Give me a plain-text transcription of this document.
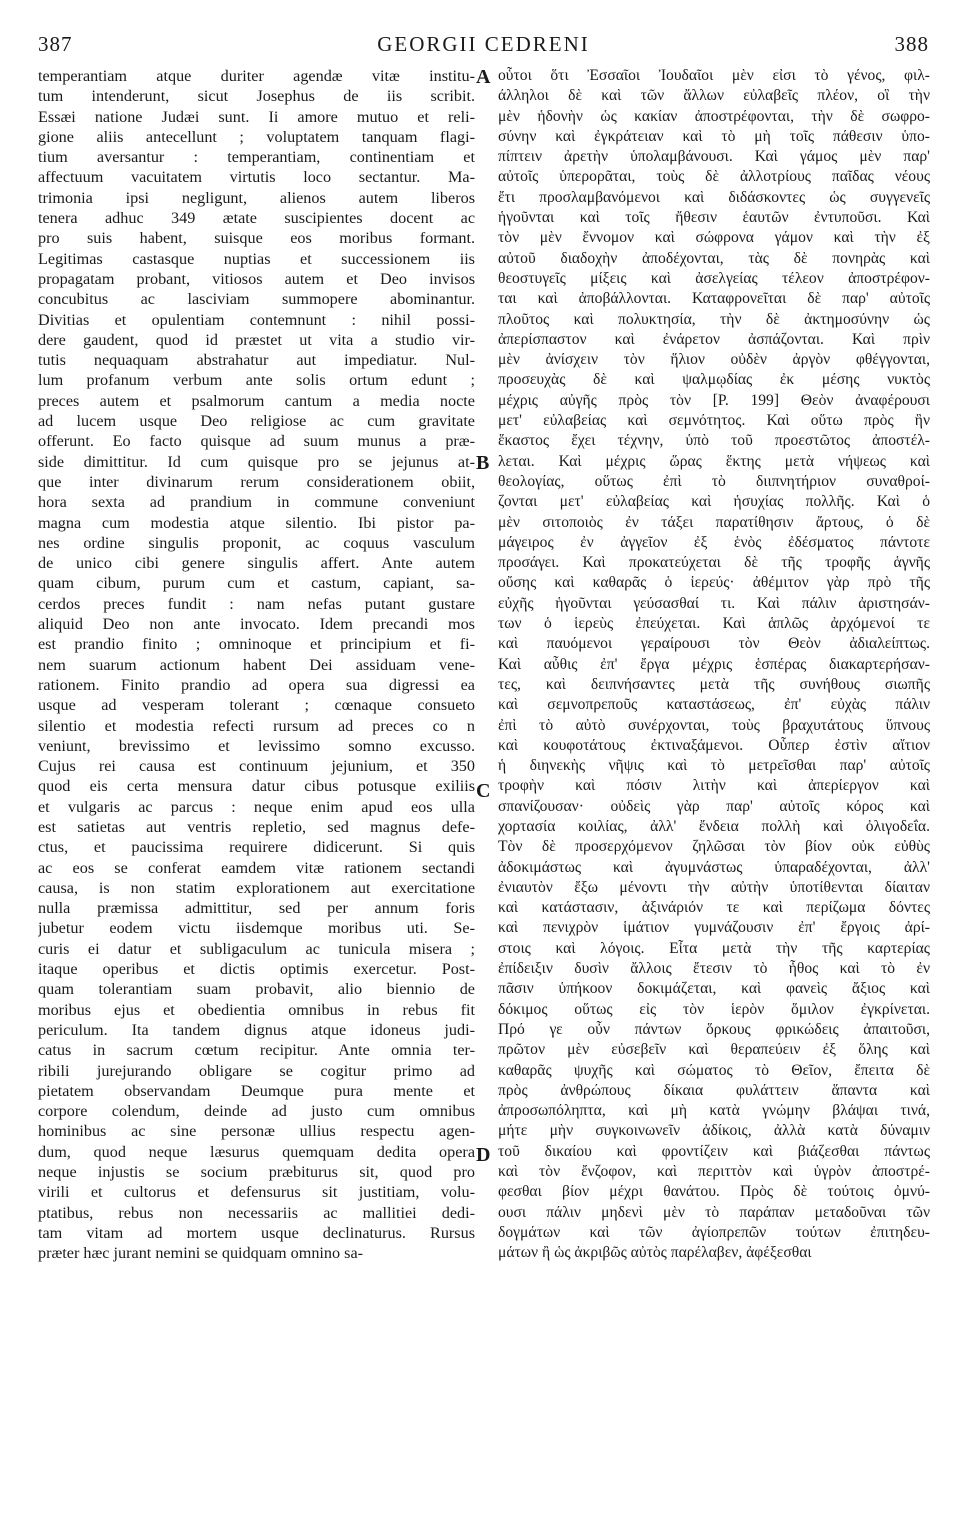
387	GEORGII CEDRENI	388
temperantiam atque duriter agendæ vitæ institu-
tum intenderunt, sicut Josephus de iis scribit.
Essæi natione Judæi sunt. Ii amore mutuo et reli-
gione aliis antecellunt ; voluptatem tanquam flagi-
tium aversantur : temperantiam, continentiam et
affectuum vacuitatem virtutis loco sectantur. Ma-
trimonia ipsi negligunt, alienos autem liberos
tenera adhuc 349 ætate suscipientes docent ac
pro suis habent, suisque eos moribus formant.
Legitimas castasque nuptias et successionem iis
propagatam probant, vitiosos autem et Deo invisos
concubitus ac lasciviam summopere abominantur.
Divitias et opulentiam contemnunt : nihil possi-
dere gaudent, quod id præstet ut vita a studio vir-
tutis nequaquam abstrahatur aut impediatur. Nul-
lum profanum verbum ante solis ortum edunt ;
preces autem et psalmorum cantum a media nocte
ad lucem usque Deo religiose ac cum gravitate
offerunt. Eo facto quisque ad suum munus a præ-
side dimittitur. Id cum quisque pro se jejunus at-
que inter divinarum rerum considerationem obiit,
hora sexta ad prandium in commune conveniunt
magna cum modestia atque silentio. Ibi pistor pa-
nes ordine singulis proponit, ac coquus vasculum
de unico cibi genere singulis affert. Ante autem
quam cibum, purum cum et castum, capiant, sa-
cerdos preces fundit : nam nefas putant gustare
aliquid Deo non ante invocato. Idem precandi mos
est prandio finito ; omninoque et principium et fi-
nem suarum actionum habent Dei assiduam vene-
rationem. Finito prandio ad opera sua digressi ea
usque ad vesperam tolerant ; cœnaque consueto
silentio et modestia refecti rursum ad preces co n
veniunt, brevissimo et levissimo somno excusso.
Cujus rei causa est continuum jejunium, et 350
quod eis certa mensura datur cibus potusque exiliis
et vulgaris ac parcus : neque enim apud eos ulla
est satietas aut ventris repletio, sed magnus defe-
ctus, et paucissima requirere didicerunt. Si quis
ac eos se conferat eamdem vitæ rationem sectandi
causa, is non statim explorationem aut exercitatione
nulla præmissa admittitur, sed per annum foris
jubetur eodem victu iisdemque moribus uti. Se-
curis ei datur et subligaculum ac tunicula misera ;
itaque operibus et dictis optimis exercetur. Post-
quam tolerantiam suam probavit, alio biennio de
moribus ejus et obedientia omnibus in rebus fit
periculum. Ita tandem dignus atque idoneus judi-
catus in sacrum cœtum recipitur. Ante omnia ter-
ribili jurejurando obligare se cogitur primo ad
pietatem observandam Deumque pura mente et
corpore colendum, deinde ad justo cum omnibus
hominibus ac sine personæ ullius respectu agen-
dum, quod neque læsurus quemquam dedita opera
neque injustis se socium præbiturus sit, quod pro
virili et cultorus et defensurus sit justitiam, volu-
ptatibus, rebus non necessariis ac mallitiei dedi-
tam vitam ad mortem usque declinaturus. Rursus
præter hæc jurant nemini se quidquam omnino sa-
A
B
C
D
οὗτοι ὅτι Ἐσσαῖοι Ἰουδαῖοι μὲν εἰσι τὸ γένος, φιλ-
άλληλοι δὲ καὶ τῶν ἄλλων εὐλαβεῖς πλέον, οἳ τὴν
μὲν ἡδονὴν ὡς κακίαν ἀποστρέφονται, τὴν δὲ σωφρο-
σύνην καὶ ἐγκράτειαν καὶ τὸ μὴ τοῖς πάθεσιν ὑπο-
πίπτειν ἀρετὴν ὑπολαμβάνουσι. Καὶ γάμος μὲν παρ'
αὐτοῖς ὑπερορᾶται, τοὺς δὲ ἀλλοτρίους παῖδας νέους
ἔτι προσλαμβανόμενοι καὶ διδάσκοντες ὡς συγγενεῖς
ἡγοῦνται καὶ τοῖς ἤθεσιν ἑαυτῶν ἐντυποῦσι. Καὶ
τὸν μὲν ἔννομον καὶ σώφρονα γάμον καὶ τὴν ἐξ
αὐτοῦ διαδοχὴν ἀποδέχονται, τὰς δὲ πονηρὰς καὶ
θεοστυγεῖς μίξεις καὶ ἀσελγείας τέλεον ἀποστρέφον-
ται καὶ ἀποβάλλονται. Καταφρονεῖται δὲ παρ' αὐτοῖς
πλοῦτος καὶ πολυκτησία, τὴν δὲ ἀκτημοσύνην ὡς
ἀπερίσπαστον καὶ ἐνάρετον ἀσπάζονται. Καὶ πρὶν
μὲν ἀνίσχειν τὸν ἥλιον οὐδὲν ἀργὸν φθέγγονται,
προσευχὰς δὲ καὶ ψαλμῳδίας ἐκ μέσης νυκτὸς
μέχρις αὐγῆς πρὸς τὸν [P. 199] Θεὸν ἀναφέρουσι
μετ' εὐλαβείας καὶ σεμνότητος. Καὶ οὕτω πρὸς ἣν
ἕκαστος ἔχει τέχνην, ὑπὸ τοῦ προεστῶτος ἀποστέλ-
λεται. Καὶ μέχρις ὥρας ἕκτης μετὰ νήψεως καὶ
θεολογίας, οὕτως ἐπὶ τὸ διιπνητήριον συναθροί-
ζονται μετ' εὐλαβείας καὶ ἡσυχίας πολλῆς. Καὶ ὁ
μὲν σιτοποιὸς ἐν τάξει παρατίθησιν ἄρτους, ὁ δὲ
μάγειρος ἐν ἀγγεῖον ἐξ ἑνὸς ἐδέσματος πάντοτε
προσάγει. Καὶ προκατεύχεται δὲ τῆς τροφῆς ἁγνῆς
οὔσης καὶ καθαρᾶς ὁ ἱερεύς· ἀθέμιτον γὰρ πρὸ τῆς
εὐχῆς ἡγοῦνται γεύσασθαί τι. Καὶ πάλιν ἀριστησάν-
των ὁ ἱερεὺς ἐπεύχεται. Καὶ ἁπλῶς ἀρχόμενοί τε
καὶ παυόμενοι γεραίρουσι τὸν Θεὸν ἀδιαλείπτως.
Καὶ αὖθις ἐπ' ἔργα μέχρις ἑσπέρας διακαρτερήσαν-
τες, καὶ δειπνήσαντες μετὰ τῆς συνήθους σιωπῆς
καὶ σεμνοπρεποῦς καταστάσεως, ἐπ' εὐχὰς πάλιν
ἐπὶ τὸ αὐτὸ συνέρχονται, τοὺς βραχυτάτους ὕπνους
καὶ κουφοτάτους ἐκτιναξάμενοι. Οὗπερ ἐστὶν αἴτιον
ἡ διηνεκὴς νῆψις καὶ τὸ μετρεῖσθαι παρ' αὐτοῖς
τροφὴν καὶ πόσιν λιτὴν καὶ ἀπερίεργον καὶ
σπανίζουσαν· οὐδεὶς γὰρ παρ' αὐτοῖς κόρος καὶ
χορτασία κοιλίας, ἀλλ' ἔνδεια πολλὴ καὶ ὀλιγοδεΐα.
Τὸν δὲ προσερχόμενον ζηλῶσαι τὸν βίον οὐκ εὐθὺς
ἀδοκιμάστως καὶ ἀγυμνάστως ὑπαραδέχονται, ἀλλ'
ἐνιαυτὸν ἔξω μένοντι τὴν αὐτὴν ὑποτίθενται δίαιταν
καὶ κατάστασιν, ἀξινάριόν τε καὶ περίζωμα δόντες
καὶ πενιχρὸν ἱμάτιον γυμνάζουσιν ἐπ' ἔργοις ἀρί-
στοις καὶ λόγοις. Εἶτα μετὰ τὴν τῆς καρτερίας
ἐπίδειξιν δυσὶν ἄλλοις ἔτεσιν τὸ ἦθος καὶ τὸ ἐν
πᾶσιν ὑπήκοον δοκιμάζεται, καὶ φανεὶς ἄξιος καὶ
δόκιμος οὕτως εἰς τὸν ἱερὸν ὅμιλον ἐγκρίνεται.
Πρό γε οὖν πάντων ὅρκους φρικώδεις ἀπαιτοῦσι,
πρῶτον μὲν εὐσεβεῖν καὶ θεραπεύειν ἐξ ὅλης καὶ
καθαρᾶς ψυχῆς καὶ σώματος τὸ Θεῖον, ἔπειτα δὲ
πρὸς ἀνθρώπους δίκαια φυλάττειν ἅπαντα καὶ
ἀπροσωπόληπτα, καὶ μὴ κατὰ γνώμην βλάψαι τινά,
μήτε μὴν συγκοινωνεῖν ἀδίκοις, ἀλλὰ κατὰ δύναμιν
τοῦ δικαίου καὶ φροντίζειν καὶ βιάζεσθαι πάντως
καὶ τὸν ἔνζοφον, καὶ περιττὸν καὶ ὑγρὸν ἀποστρέ-
φεσθαι βίον μέχρι θανάτου. Πρὸς δὲ τούτοις ὀμνύ-
ουσι πάλιν μηδενὶ μὲν τὸ παράπαν μεταδοῦναι τῶν
δογμάτων καὶ τῶν ἀγίοπρεπῶν τούτων ἐπιτηδευ-
μάτων ἢ ὡς ἀκριβῶς αὐτὸς παρέλαβεν, ἀφέξεσθαι
